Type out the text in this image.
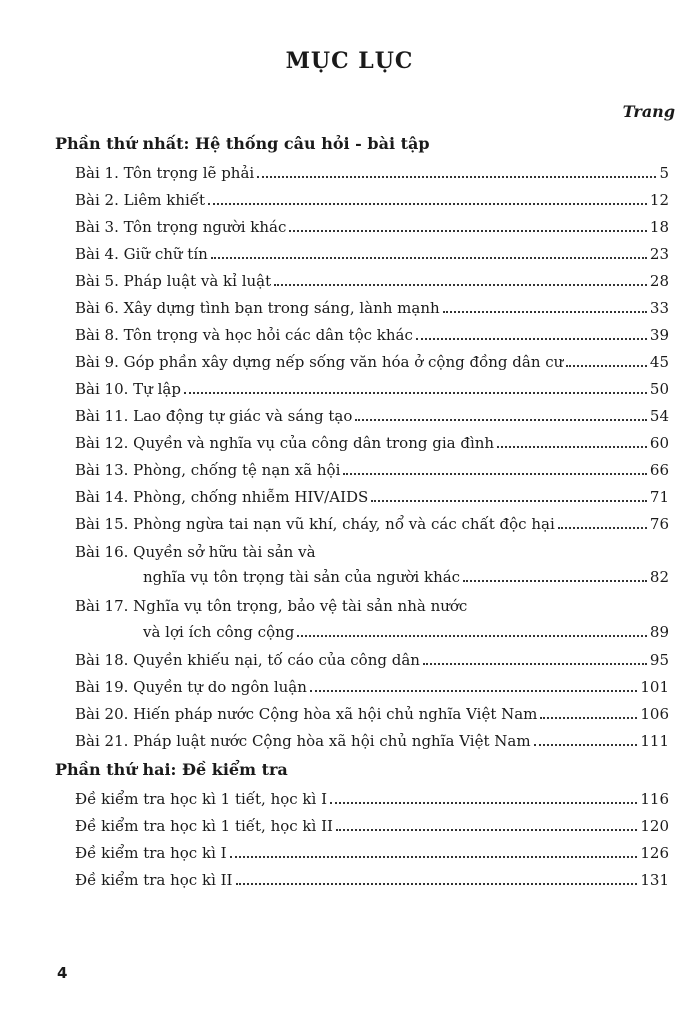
MỤC LỤC
Trang
Phần thứ nhất: Hệ thống câu hỏi - bài tập
Bài 1. Tôn trọng lẽ phải	5
Bài 2. Liêm khiết	12
Bài 3. Tôn trọng người khác	18
Bài 4. Giữ chữ tín	23
Bài 5. Pháp luật và kỉ luật	28
Bài 6. Xây dựng tình bạn trong sáng, lành mạnh	33
Bài 8. Tôn trọng và học hỏi các dân tộc khác	39
Bài 9. Góp phần xây dựng nếp sống văn hóa ở cộng đồng dân cư	45
Bài 10. Tự lập	50
Bài 11. Lao động tự giác và sáng tạo	54
Bài 12. Quyền và nghĩa vụ của công dân trong gia đình	60
Bài 13. Phòng, chống tệ nạn xã hội	66
Bài 14. Phòng, chống nhiễm HIV/AIDS	71
Bài 15. Phòng ngừa tai nạn vũ khí, cháy, nổ và các chất độc hại	76
Bài 16. Quyền sở hữu tài sản và
nghĩa vụ tôn trọng tài sản của người khác	82
Bài 17. Nghĩa vụ tôn trọng, bảo vệ tài sản nhà nước
và lợi ích công cộng	89
Bài 18. Quyền khiếu nại, tố cáo của công dân	95
Bài 19. Quyền tự do ngôn luận	101
Bài 20. Hiến pháp nước Cộng hòa xã hội chủ nghĩa Việt Nam	106
Bài 21. Pháp luật nước Cộng hòa xã hội chủ nghĩa Việt Nam	111
Phần thứ hai: Đề kiểm tra
Đề kiểm tra học kì 1 tiết, học kì I	116
Đề kiểm tra học kì 1 tiết, học kì II	120
Đề kiểm tra học kì I	126
Đề kiểm tra học kì II	131
4
